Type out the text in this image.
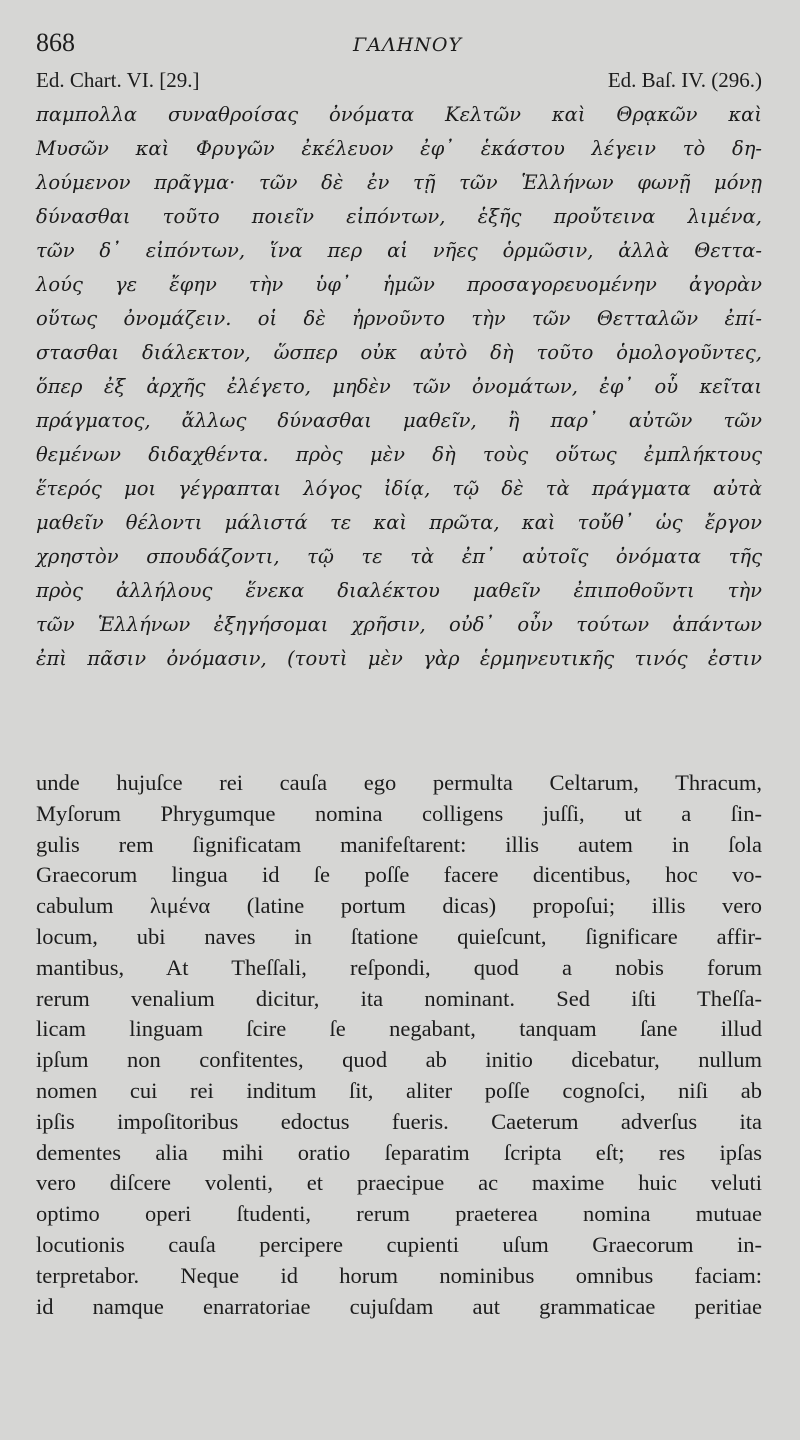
868	ΓΑΛΗΝΟΥ
Ed. Chart. VI. [29.]	Ed. Baſ. IV. (296.)
παμπολλα συναθροίσας ὀνόματα Κελτῶν καὶ Θρᾳκῶν καὶ
Μυσῶν καὶ Φρυγῶν ἐκέλευον ἐφ᾽ ἑκάστου λέγειν τὸ δη-
λούμενον πρᾶγμα· τῶν δὲ ἐν τῇ τῶν Ἑλλήνων φωνῇ μόνῃ
δύνασθαι τοῦτο ποιεῖν εἰπόντων, ἑξῆς προὔτεινα λιμένα,
τῶν δ᾽ εἰπόντων, ἵνα περ αἱ νῆες ὁρμῶσιν, ἀλλὰ Θεττα-
λούς γε ἔφην τὴν ὑφ᾽ ἡμῶν προσαγορευομένην ἀγορὰν
οὕτως ὀνομάζειν. οἱ δὲ ἠρνοῦντο τὴν τῶν Θετταλῶν ἐπί-
στασθαι διάλεκτον, ὥσπερ οὐκ αὐτὸ δὴ τοῦτο ὁμολογοῦντες,
ὅπερ ἐξ ἀρχῆς ἐλέγετο, μηδὲν τῶν ὀνομάτων, ἐφ᾽ οὗ κεῖται
πράγματος, ἄλλως δύνασθαι μαθεῖν, ἢ παρ᾽ αὐτῶν τῶν
θεμένων διδαχθέντα. πρὸς μὲν δὴ τοὺς οὕτως ἐμπλήκτους
ἕτερός μοι γέγραπται λόγος ἰδίᾳ, τῷ δὲ τὰ πράγματα αὐτὰ
μαθεῖν θέλοντι μάλιστά τε καὶ πρῶτα, καὶ τοὔθ᾽ ὡς ἔργον
χρηστὸν σπουδάζοντι, τῷ τε τὰ ἐπ᾽ αὐτοῖς ὀνόματα τῆς
πρὸς ἀλλήλους ἕνεκα διαλέκτου μαθεῖν ἐπιποθοῦντι τὴν
τῶν Ἑλλήνων ἐξηγήσομαι χρῆσιν, οὐδ᾽ οὖν τούτων ἁπάντων
ἐπὶ πᾶσιν ὀνόμασιν, (τουτὶ μὲν γὰρ ἑρμηνευτικῆς τινός ἐστιν
unde hujuſce rei cauſa ego permulta Celtarum, Thracum,
Myſorum Phrygumque nomina colligens juſſi, ut a ſin-
gulis rem ſignificatam manifeſtarent: illis autem in ſola
Graecorum lingua id ſe poſſe facere dicentibus, hoc vo-
cabulum λιμένα (latine portum dicas) propoſui; illis vero
locum, ubi naves in ſtatione quieſcunt, ſignificare affir-
mantibus, At Theſſali, reſpondi, quod a nobis forum
rerum venalium dicitur, ita nominant. Sed iſti Theſſa-
licam linguam ſcire ſe negabant, tanquam ſane illud
ipſum non confitentes, quod ab initio dicebatur, nullum
nomen cui rei inditum ſit, aliter poſſe cognoſci, niſi ab
ipſis impoſitoribus edoctus fueris. Caeterum adverſus ita
dementes alia mihi oratio ſeparatim ſcripta eſt; res ipſas
vero diſcere volenti, et praecipue ac maxime huic veluti
optimo operi ſtudenti, rerum praeterea nomina mutuae
locutionis cauſa percipere cupienti uſum Graecorum in-
terpretabor. Neque id horum nominibus omnibus faciam:
id namque enarratoriae cujuſdam aut grammaticae peritiae
